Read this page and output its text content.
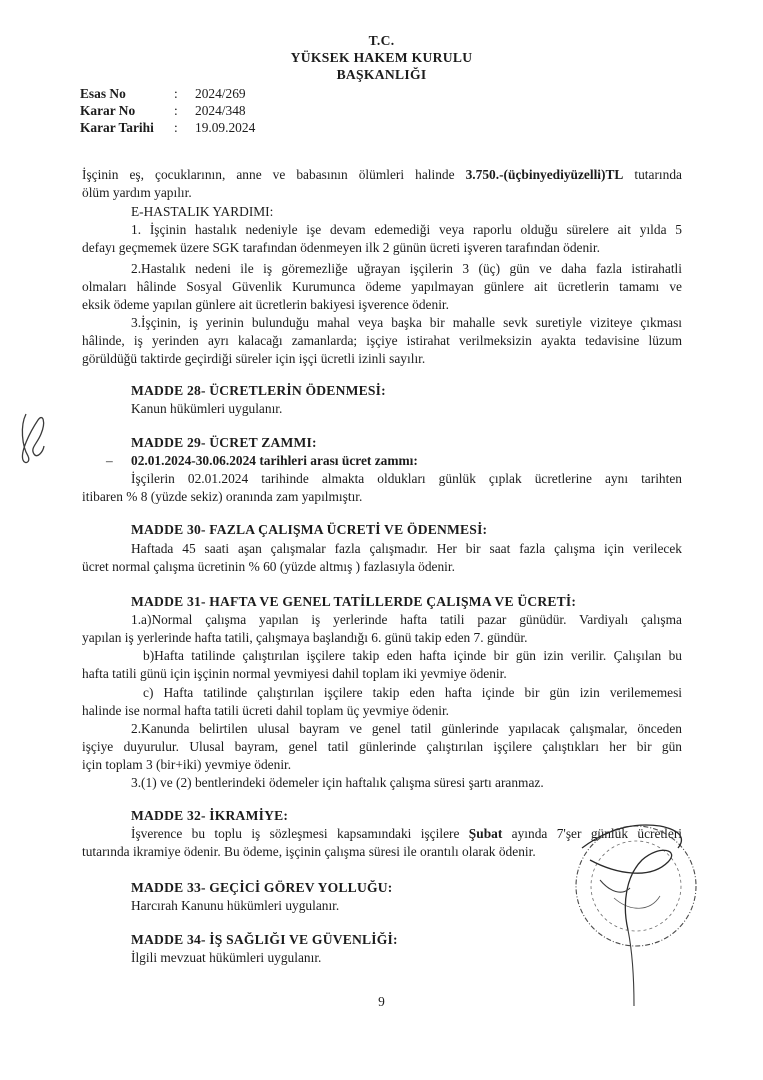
T.C.
YÜKSEK HAKEM KURULU
BAŞKANLIĞI
Esas No	: 2024/269
Karar No	: 2024/348
Karar Tarihi : 19.09.2024
İşçinin eş, çocuklarının, anne ve babasının ölümleri halinde 3.750.-(üçbinyediyüzelli)TL tutarında
ölüm yardım yapılır.
E-HASTALIK YARDIMI:
1. İşçinin hastalık nedeniyle işe devam edemediği veya raporlu olduğu sürelere ait yılda 5
defayı geçmemek üzere SGK tarafından ödenmeyen ilk 2 günün ücreti işveren tarafından ödenir.
2.Hastalık nedeni ile iş göremezliğe uğrayan işçilerin 3 (üç) gün ve daha fazla istirahatli
olmaları hâlinde Sosyal Güvenlik Kurumunca ödeme yapılmayan günlere ait ücretlerin tamamı ve
eksik ödeme yapılan günlere ait ücretlerin bakiyesi işverence ödenir.
3.İşçinin, iş yerinin bulunduğu mahal veya başka bir mahalle sevk suretiyle viziteye çıkması
hâlinde, iş yerinden ayrı kalacağı zamanlarda; işçiye istirahat verilmeksizin ayakta tedavisine lüzum
görüldüğü taktirde geçirdiği süreler için işçi ücretli izinli sayılır.
MADDE 28- ÜCRETLERİN ÖDENMESİ:
Kanun hükümleri uygulanır.
MADDE 29- ÜCRET ZAMMI:
– 02.01.2024-30.06.2024 tarihleri arası ücret zammı:
İşçilerin 02.01.2024 tarihinde almakta oldukları günlük çıplak ücretlerine aynı tarihten
itibaren % 8 (yüzde sekiz) oranında zam yapılmıştır.
MADDE 30- FAZLA ÇALIŞMA ÜCRETİ VE ÖDENMESİ:
Haftada 45 saati aşan çalışmalar fazla çalışmadır. Her bir saat fazla çalışma için verilecek
ücret normal çalışma ücretinin % 60 (yüzde altmış ) fazlasıyla ödenir.
MADDE 31- HAFTA VE GENEL TATİLLERDE ÇALIŞMA VE ÜCRETİ:
1.a)Normal çalışma yapılan iş yerlerinde hafta tatili pazar günüdür. Vardiyalı çalışma
yapılan iş yerlerinde hafta tatili, çalışmaya başlandığı 6. günü takip eden 7. gündür.
b)Hafta tatilinde çalıştırılan işçilere takip eden hafta içinde bir gün izin verilir. Çalışılan bu
hafta tatili günü için işçinin normal yevmiyesi dahil toplam iki yevmiye ödenir.
c) Hafta tatilinde çalıştırılan işçilere takip eden hafta içinde bir gün izin verilememesi
halinde ise normal hafta tatili ücreti dahil toplam üç yevmiye ödenir.
2.Kanunda belirtilen ulusal bayram ve genel tatil günlerinde yapılacak çalışmalar, önceden
işçiye duyurulur. Ulusal bayram, genel tatil günlerinde çalıştırılan işçilere çalıştıkları her bir gün
için toplam 3 (bir+iki) yevmiye ödenir.
3.(1) ve (2) bentlerindeki ödemeler için haftalık çalışma süresi şartı aranmaz.
MADDE 32- İKRAMİYE:
İşverence bu toplu iş sözleşmesi kapsamındaki işçilere Şubat ayında 7'şer günlük ücretleri
tutarında ikramiye ödenir. Bu ödeme, işçinin çalışma süresi ile orantılı olarak ödenir.
MADDE 33- GEÇİCİ GÖREV YOLLUĞU:
Harcırah Kanunu hükümleri uygulanır.
MADDE 34- İŞ SAĞLIĞI VE GÜVENLİĞİ:
İlgili mevzuat hükümleri uygulanır.
9
